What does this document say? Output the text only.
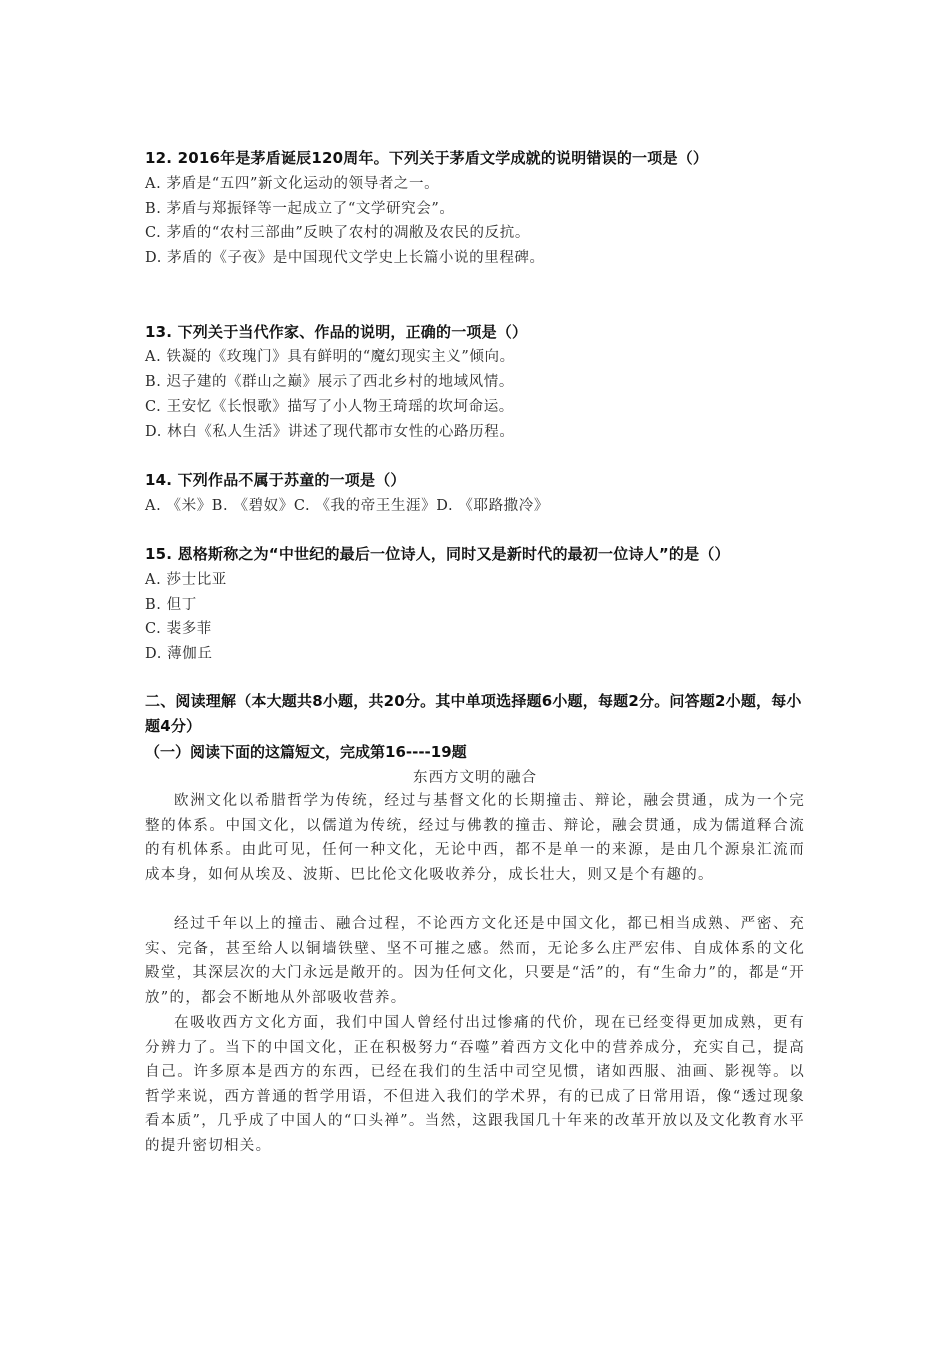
12. 2016年是茅盾诞辰120周年。下列关于茅盾文学成就的说明错误的一项是（）
A. 茅盾是“五四”新文化运动的领导者之一。
B. 茅盾与郑振铎等一起成立了“文学研究会”。
C. 茅盾的“农村三部曲”反映了农村的凋敝及农民的反抗。
D. 茅盾的《子夜》是中国现代文学史上长篇小说的里程碑。
13. 下列关于当代作家、作品的说明，正确的一项是（）
A. 铁凝的《玫瑰门》具有鲜明的“魔幻现实主义”倾向。
B. 迟子建的《群山之巅》展示了西北乡村的地域风情。
C. 王安忆《长恨歌》描写了小人物王琦瑶的坎坷命运。
D. 林白《私人生活》讲述了现代都市女性的心路历程。
14. 下列作品不属于苏童的一项是（）
A. 《米》B. 《碧奴》C. 《我的帝王生涯》D. 《耶路撒冷》
15. 恩格斯称之为“中世纪的最后一位诗人，同时又是新时代的最初一位诗人”的是（）
A. 莎士比亚
B. 但丁
C. 裴多菲
D. 薄伽丘
二、阅读理解（本大题共8小题，共20分。其中单项选择题6小题，每题2分。问答题2小题，每小题4分）
（一）阅读下面的这篇短文，完成第16----19题
东西方文明的融合

欧洲文化以希腊哲学为传统，经过与基督文化的长期撞击、辩论，融会贯通，成为一个完整的体系。中国文化，以儒道为传统，经过与佛教的撞击、辩论，融会贯通，成为儒道释合流的有机体系。由此可见，任何一种文化，无论中西，都不是单一的来源，是由几个源泉汇流而成本身，如何从埃及、波斯、巴比伦文化吸收养分，成长壮大，则又是个有趣的。

经过千年以上的撞击、融合过程，不论西方文化还是中国文化，都已相当成熟、严密、充实、完备，甚至给人以铜墙铁壁、坚不可摧之感。然而，无论多么庄严宏伟、自成体系的文化殿堂，其深层次的大门永远是敞开的。因为任何文化，只要是“活”的，有“生命力”的，都是“开放”的，都会不断地从外部吸收营养。

在吸收西方文化方面，我们中国人曾经付出过惨痛的代价，现在已经变得更加成熟，更有分辨力了。当下的中国文化，正在积极努力“吞噬”着西方文化中的营养成分，充实自己，提高自己。许多原本是西方的东西，已经在我们的生活中司空见惯，诸如西服、油画、影视等。以哲学来说，西方普通的哲学用语，不但进入我们的学术界，有的已成了日常用语，像“透过现象看本质”，几乎成了中国人的“口头禅”。当然，这跟我国几十年来的改革开放以及文化教育水平的提升密切相关。
